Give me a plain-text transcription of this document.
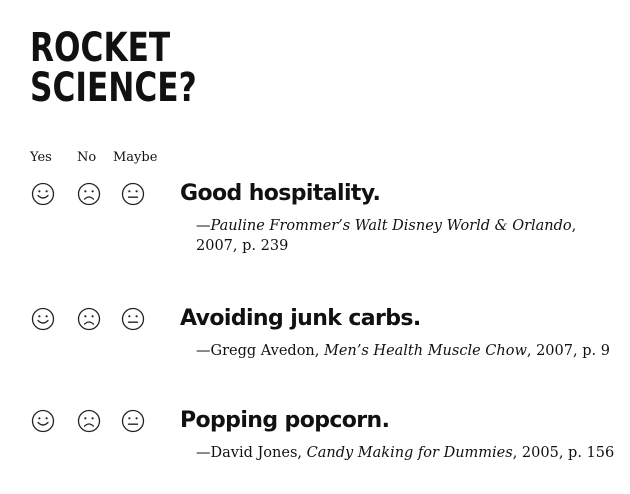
ROCKET
SCIENCE?
Yes No Maybe
Good hospitality.

—Pauline Frommer’s Walt Disney World & Orlando, 2007, p. 239

Avoiding junk carbs.

—Gregg Avedon, Men’s Health Muscle Chow, 2007, p. 9

Popping popcorn.

—David Jones, Candy Making for Dummies, 2005, p. 156
